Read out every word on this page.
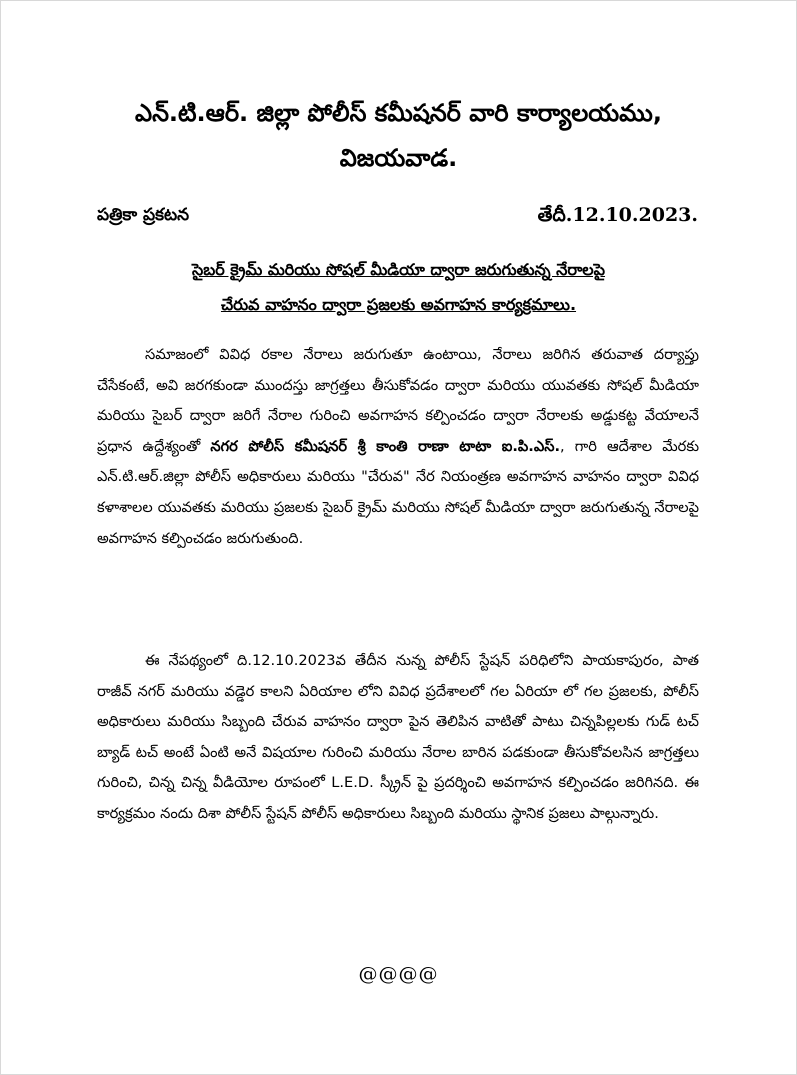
ఎన్.టి.ఆర్. జిల్లా పోలీస్ కమీషనర్ వారి కార్యాలయము,
విజయవాడ.
పత్రికా ప్రకటన	తేదీ.12.10.2023.
సైబర్ క్రైమ్ మరియు సోషల్ మీడియా ద్వారా జరుగుతున్న నేరాలపై
చేరువ వాహనం ద్వారా ప్రజలకు అవగాహన కార్యక్రమాలు.

సమాజంలో వివిధ రకాల నేరాలు జరుగుతూ ఉంటాయి, నేరాలు జరిగిన తరువాత దర్యాప్తు చేసేకంటే, అవి జరగకుండా ముందస్తు జాగ్రత్తలు తీసుకోవడం ద్వారా మరియు యువతకు సోషల్ మీడియా మరియు సైబర్ ద్వారా జరిగే నేరాల గురించి అవగాహన కల్పించడం ద్వారా నేరాలకు అడ్డుకట్ట వేయాలనే ప్రధాన ఉద్దేశ్యంతో నగర పోలీస్ కమీషనర్ శ్రీ కాంతి రాణా టాటా ఐ.పి.ఎస్., గారి ఆదేశాల మేరకు ఎన్.టి.ఆర్.జిల్లా పోలీస్ అధికారులు మరియు "చేరువ" నేర నియంత్రణ అవగాహన వాహనం ద్వారా వివిధ కళాశాలల యువతకు మరియు ప్రజలకు సైబర్ క్రైమ్ మరియు సోషల్ మీడియా ద్వారా జరుగుతున్న నేరాలపై అవగాహన కల్పించడం జరుగుతుంది.

ఈ నేపథ్యంలో ది.12.10.2023వ తేదీన నున్న పోలీస్ స్టేషన్ పరిధిలోని పాయకాపురం, పాత రాజీవ్ నగర్ మరియు వడ్డెర కాలని ఏరియాల లోని వివిధ ప్రదేశాలలో గల ఏరియా లో గల ప్రజలకు, పోలీస్ అధికారులు మరియు సిబ్బంది చేరువ వాహనం ద్వారా పైన తెలిపిన వాటితో పాటు చిన్నపిల్లలకు గుడ్ టచ్ బ్యాడ్ టచ్ అంటే ఏంటి అనే విషయాల గురించి మరియు నేరాల బారిన పడకుండా తీసుకోవలసిన జాగ్రత్తలు గురించి, చిన్న చిన్న వీడియోల రూపంలో L.E.D. స్క్రీన్ పై ప్రదర్శించి అవగాహన కల్పించడం జరిగినది. ఈ కార్యక్రమం నందు దిశా పోలీస్ స్టేషన్ పోలీస్ అధికారులు సిబ్బంది మరియు స్థానిక ప్రజలు పాల్గున్నారు.

@@@@
